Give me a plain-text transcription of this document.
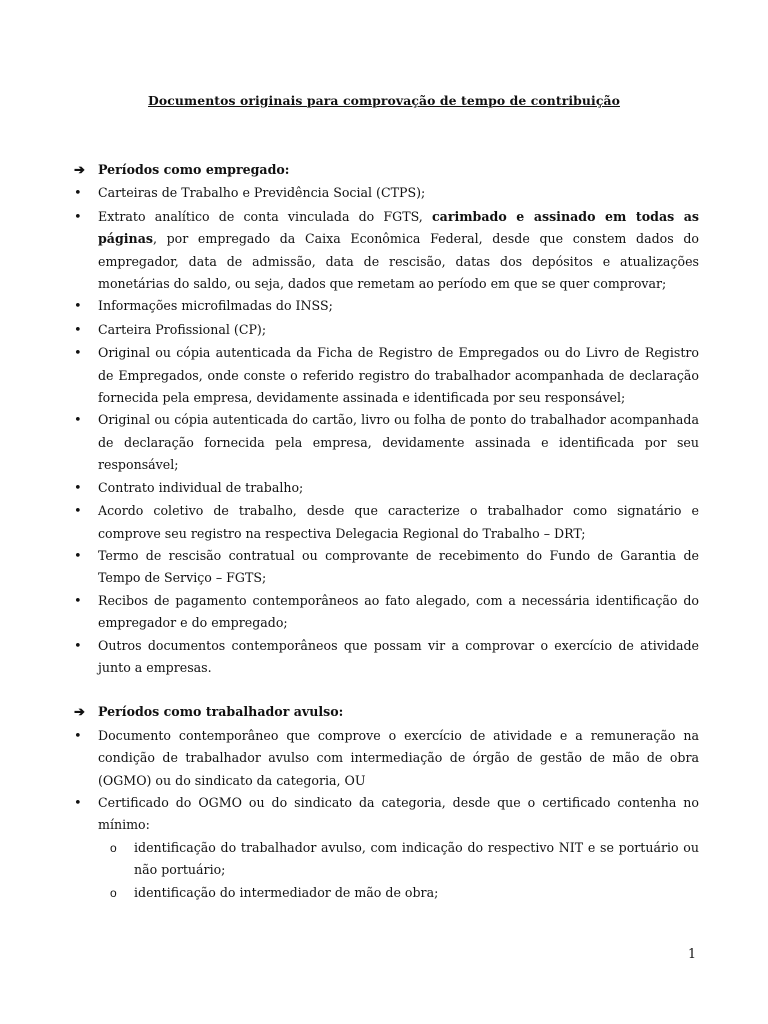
Documentos originais para comprovação de tempo de contribuição
➔	Períodos como empregado:
•	Carteiras de Trabalho e Previdência Social (CTPS);
•	Extrato analítico de conta vinculada do FGTS, carimbado e assinado em todas as páginas, por empregado da Caixa Econômica Federal, desde que constem dados do empregador, data de admissão, data de rescisão, datas dos depósitos e atualizações monetárias do saldo, ou seja, dados que remetam ao período em que se quer comprovar;
•	Informações microfilmadas do INSS;
•	Carteira Profissional (CP);
•	Original ou cópia autenticada da Ficha de Registro de Empregados ou do Livro de Registro de Empregados, onde conste o referido registro do trabalhador acompanhada de declaração fornecida pela empresa, devidamente assinada e identificada por seu responsável;
•	Original ou cópia autenticada do cartão, livro ou folha de ponto do trabalhador acompanhada de declaração fornecida pela empresa, devidamente assinada e identificada por seu responsável;
•	Contrato individual de trabalho;
•	Acordo coletivo de trabalho, desde que caracterize o trabalhador como signatário e comprove seu registro na respectiva Delegacia Regional do Trabalho – DRT;
•	Termo de rescisão contratual ou comprovante de recebimento do Fundo de Garantia de Tempo de Serviço – FGTS;
•	Recibos de pagamento contemporâneos ao fato alegado, com a necessária identificação do empregador e do empregado;
•	Outros documentos contemporâneos que possam vir a comprovar o exercício de atividade junto a empresas.
➔	Períodos como trabalhador avulso:
•	Documento contemporâneo que comprove o exercício de atividade e a remuneração na condição de trabalhador avulso com intermediação de órgão de gestão de mão de obra (OGMO) ou do sindicato da categoria, OU
•	Certificado do OGMO ou do sindicato da categoria, desde que o certificado contenha no mínimo:
o	identificação do trabalhador avulso, com indicação do respectivo NIT e se portuário ou não portuário;
o	identificação do intermediador de mão de obra;
1
